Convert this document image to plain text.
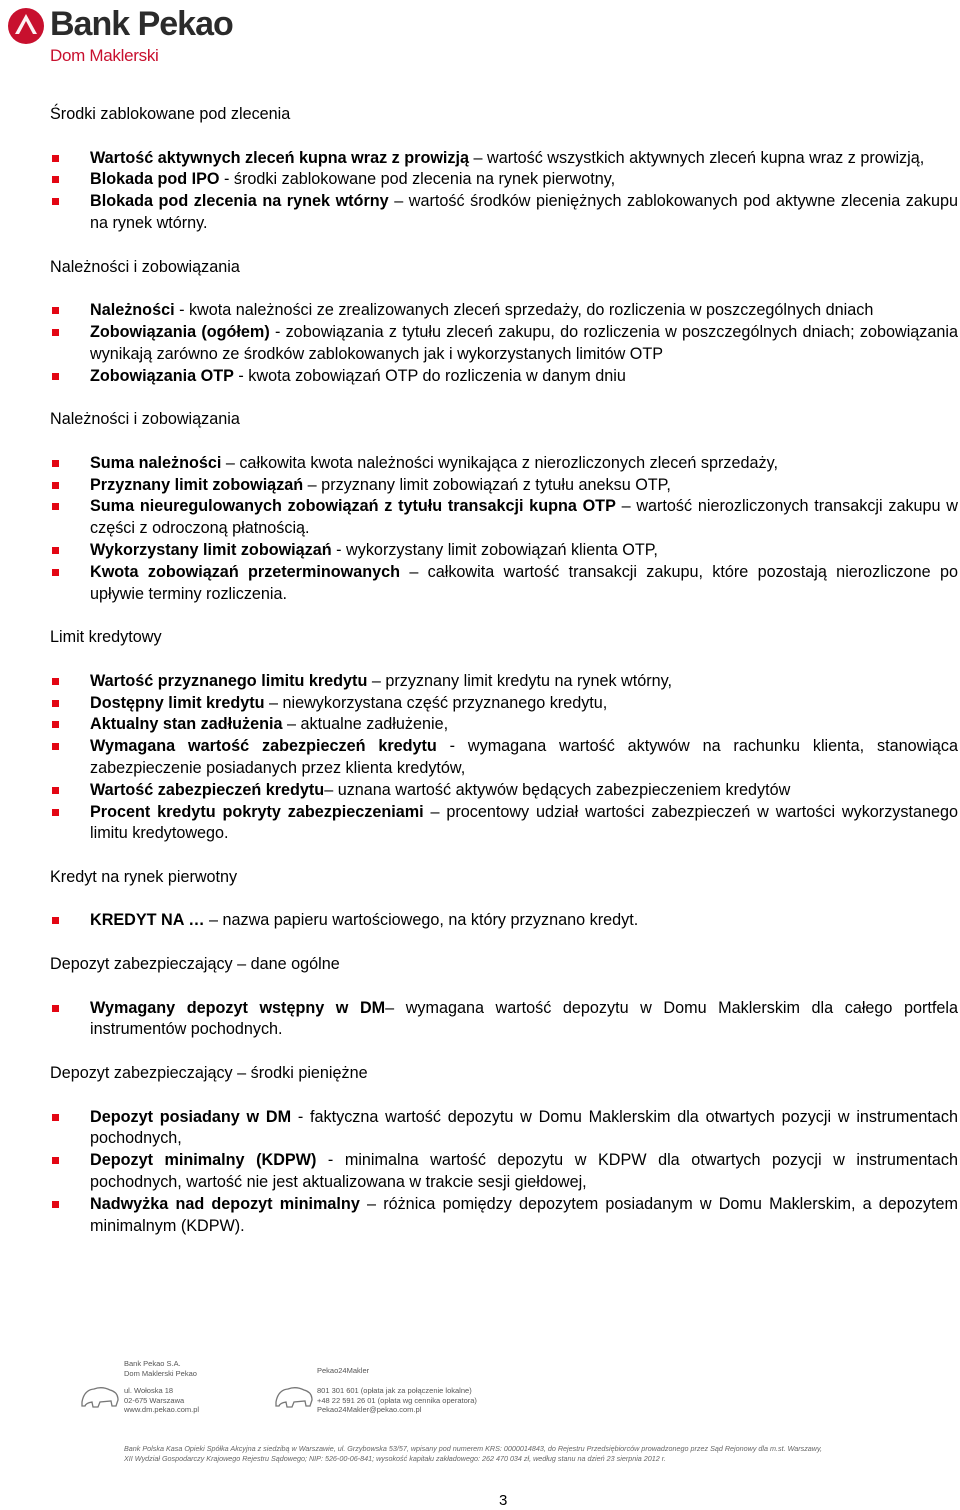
Bank Pekao
Dom Maklerski
Środki zablokowane pod zlecenia
Wartość aktywnych zleceń kupna wraz z prowizją – wartość wszystkich aktywnych zleceń kupna wraz z prowizją,
Blokada pod IPO - środki zablokowane pod zlecenia na rynek pierwotny,
Blokada pod zlecenia na rynek wtórny – wartość środków pieniężnych zablokowanych pod aktywne zlecenia zakupu na rynek wtórny.
Należności i zobowiązania
Należności - kwota należności ze zrealizowanych zleceń sprzedaży, do rozliczenia w poszczególnych dniach
Zobowiązania (ogółem) - zobowiązania z tytułu zleceń zakupu, do rozliczenia w poszczególnych dniach; zobowiązania wynikają zarówno ze środków zablokowanych jak i wykorzystanych limitów OTP
Zobowiązania OTP - kwota zobowiązań OTP do rozliczenia w danym dniu
Należności i zobowiązania
Suma należności – całkowita kwota należności wynikająca z nierozliczonych zleceń sprzedaży,
Przyznany limit zobowiązań – przyznany limit zobowiązań z tytułu aneksu OTP,
Suma nieuregulowanych zobowiązań z tytułu transakcji kupna OTP – wartość nierozliczonych transakcji zakupu w części z odroczoną płatnością.
Wykorzystany limit zobowiązań - wykorzystany limit zobowiązań klienta OTP,
Kwota zobowiązań przeterminowanych – całkowita wartość transakcji zakupu, które pozostają nierozliczone po upływie terminy rozliczenia.
Limit kredytowy
Wartość przyznanego limitu kredytu – przyznany limit kredytu na rynek wtórny,
Dostępny limit kredytu – niewykorzystana część przyznanego kredytu,
Aktualny stan zadłużenia – aktualne zadłużenie,
Wymagana wartość zabezpieczeń kredytu - wymagana wartość aktywów na rachunku klienta, stanowiąca zabezpieczenie posiadanych przez klienta kredytów,
Wartość zabezpieczeń kredytu– uznana wartość aktywów będących zabezpieczeniem kredytów
Procent kredytu pokryty zabezpieczeniami – procentowy udział wartości zabezpieczeń w wartości wykorzystanego limitu kredytowego.
Kredyt na rynek pierwotny
KREDYT NA … – nazwa papieru wartościowego, na który przyznano kredyt.
Depozyt zabezpieczający – dane ogólne
Wymagany depozyt wstępny w DM– wymagana wartość depozytu w Domu Maklerskim dla całego portfela instrumentów pochodnych.
Depozyt zabezpieczający – środki pieniężne
Depozyt posiadany w DM - faktyczna wartość depozytu w Domu Maklerskim dla otwartych pozycji w instrumentach pochodnych,
Depozyt minimalny (KDPW) - minimalna wartość depozytu w KDPW dla otwartych pozycji w instrumentach pochodnych, wartość nie jest aktualizowana w trakcie sesji giełdowej,
Nadwyżka nad depozyt minimalny – różnica pomiędzy depozytem posiadanym w Domu Maklerskim, a depozytem minimalnym (KDPW).
Bank Pekao S.A.
Dom Maklerski Pekao	Pekao24Makler
ul. Wołoska 18
02-675 Warszawa
www.dm.pekao.com.pl
801 301 601 (opłata jak za połączenie lokalne)
+48 22 591 26 01 (opłata wg cennika operatora)
Pekao24Makler@pekao.com.pl
Bank Polska Kasa Opieki Spółka Akcyjna z siedzibą w Warszawie, ul. Grzybowska 53/57, wpisany pod numerem KRS: 0000014843, do Rejestru Przedsiębiorców prowadzonego przez Sąd Rejonowy dla m.st. Warszawy,
XII Wydział Gospodarczy Krajowego Rejestru Sądowego; NIP: 526-00-06-841; wysokość kapitału zakładowego: 262 470 034 zł, według stanu na dzień 23 sierpnia 2012 r.
3
